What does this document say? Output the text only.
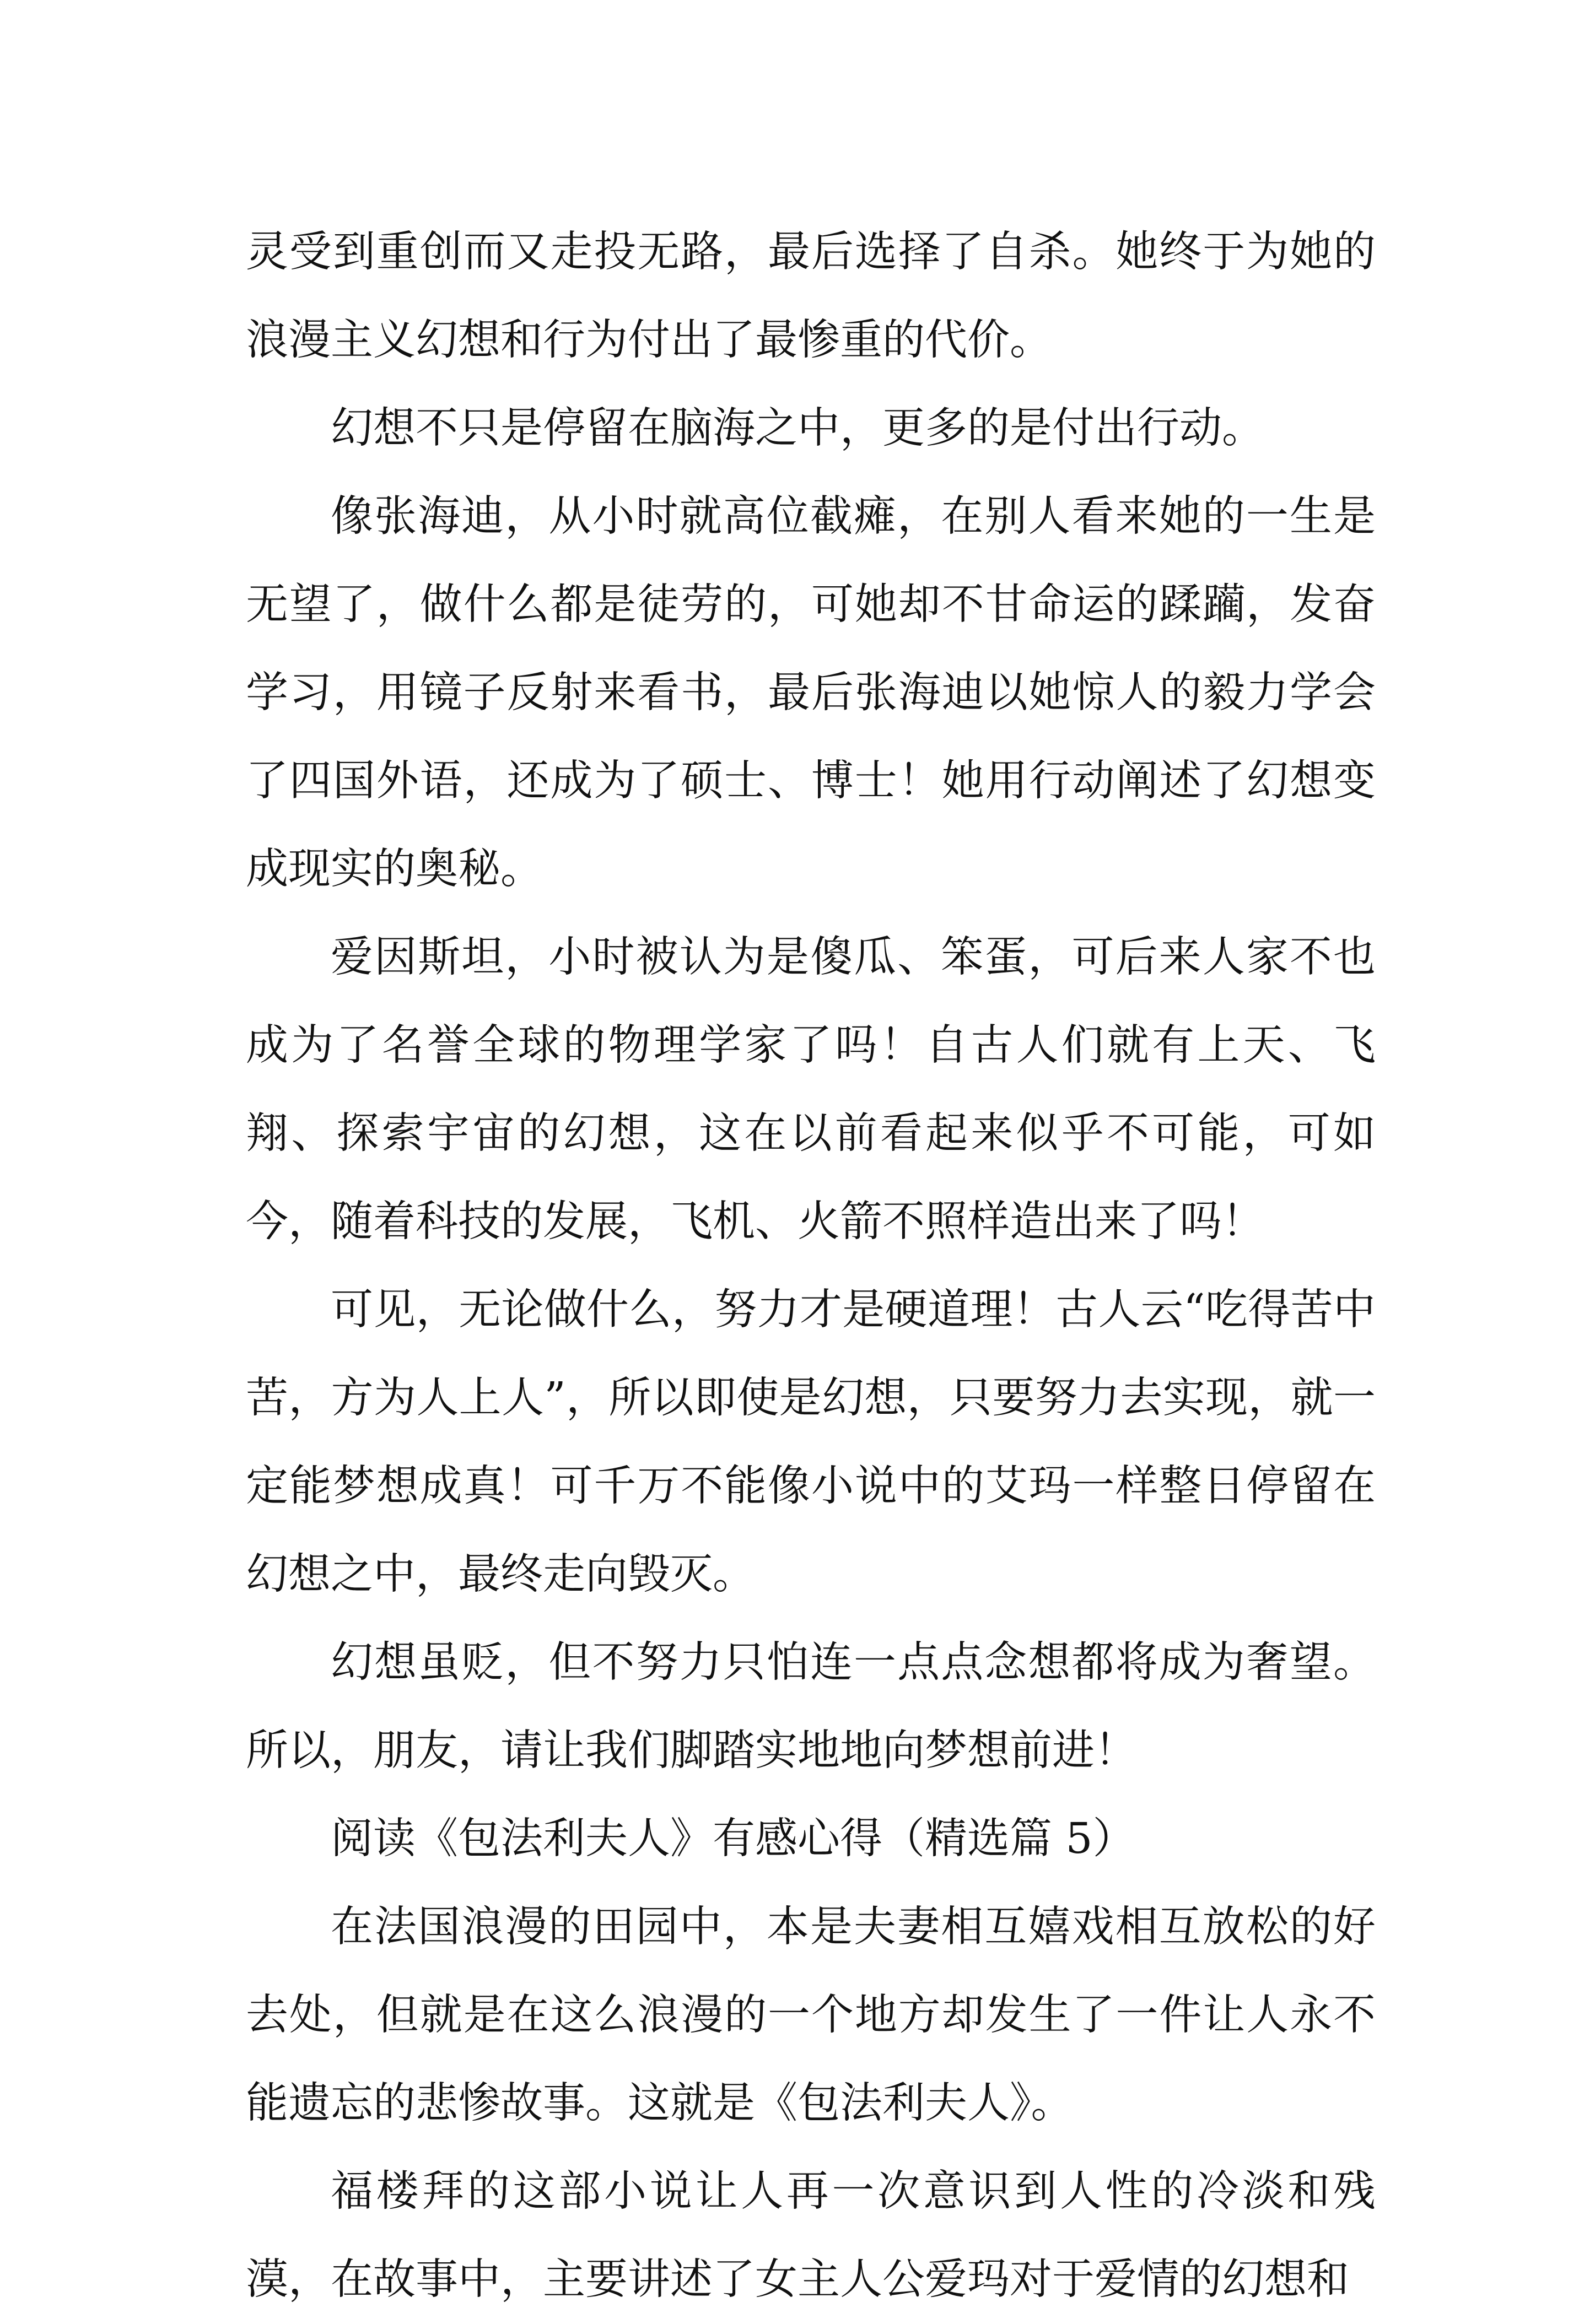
灵受到重创而又走投无路，最后选择了自杀。她终于为她的浪漫主义幻想和行为付出了最惨重的代价。

幻想不只是停留在脑海之中，更多的是付出行动。

像张海迪，从小时就高位截瘫，在别人看来她的一生是无望了，做什么都是徒劳的，可她却不甘命运的蹂躏，发奋学习，用镜子反射来看书，最后张海迪以她惊人的毅力学会了四国外语，还成为了硕士、博士！她用行动阐述了幻想变成现实的奥秘。

爱因斯坦，小时被认为是傻瓜、笨蛋，可后来人家不也成为了名誉全球的物理学家了吗！自古人们就有上天、飞翔、探索宇宙的幻想，这在以前看起来似乎不可能，可如今，随着科技的发展，飞机、火箭不照样造出来了吗！

可见，无论做什么，努力才是硬道理！古人云“吃得苦中苦，方为人上人”，所以即使是幻想，只要努力去实现，就一定能梦想成真！可千万不能像小说中的艾玛一样整日停留在幻想之中，最终走向毁灭。

幻想虽贬，但不努力只怕连一点点念想都将成为奢望。所以，朋友，请让我们脚踏实地地向梦想前进！

阅读《包法利夫人》有感心得（精选篇 5）

在法国浪漫的田园中，本是夫妻相互嬉戏相互放松的好去处，但就是在这么浪漫的一个地方却发生了一件让人永不能遗忘的悲惨故事。这就是《包法利夫人》。

福楼拜的这部小说让人再一次意识到人性的冷淡和残漠，在故事中，主要讲述了女主人公爱玛对于爱情的幻想和
